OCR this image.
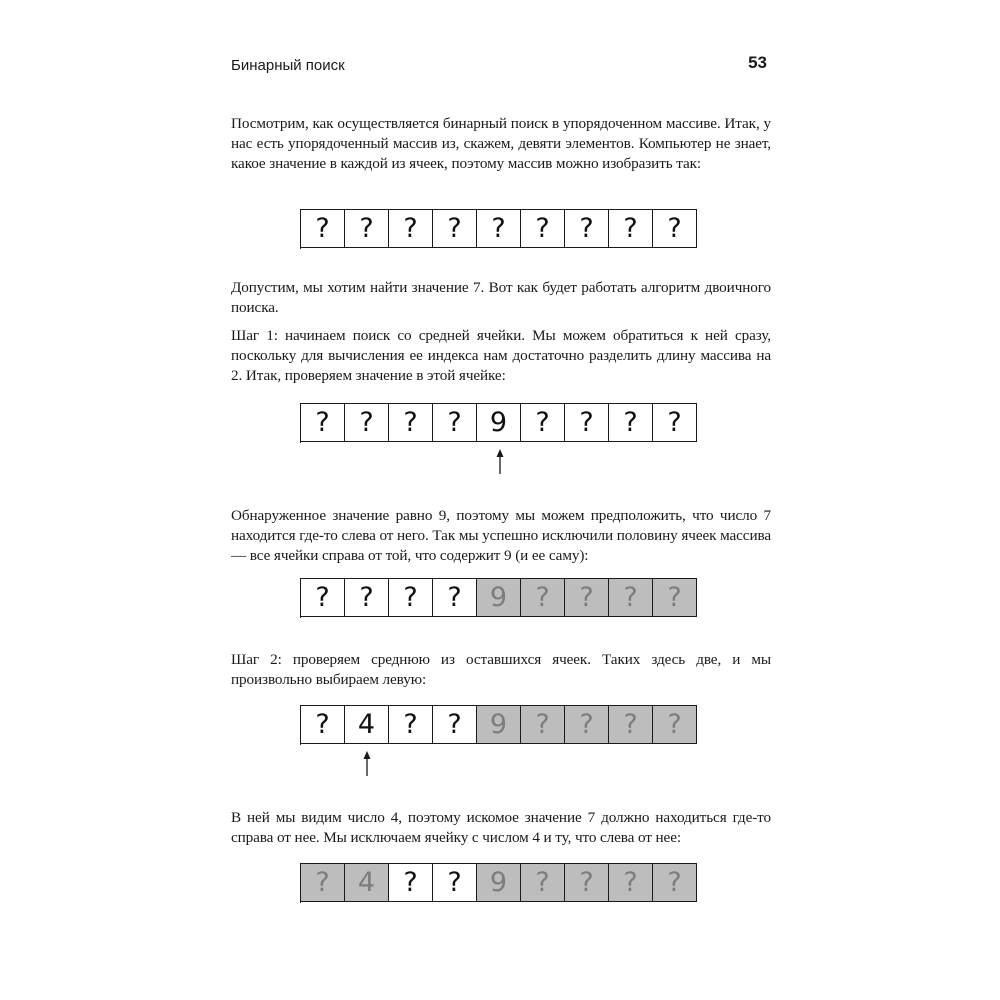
Бинарный поиск	53

Посмотрим, как осуществляется бинарный поиск в упорядоченном массиве. Итак, у нас есть упорядоченный массив из, скажем, девяти элементов. Компьютер не знает, какое значение в каждой из ячеек, поэтому массив можно изобразить так:

?	?	?	?	?	?	?	?	?

Допустим, мы хотим найти значение 7. Вот как будет работать алгоритм двоичного поиска.

Шаг 1: начинаем поиск со средней ячейки. Мы можем обратиться к ней сразу, поскольку для вычисления ее индекса нам достаточно разделить длину массива на 2. Итак, проверяем значение в этой ячейке:

?	?	?	?	9	?	?	?	?

Обнаруженное значение равно 9, поэтому мы можем предположить, что число 7 находится где-то слева от него. Так мы успешно исключили половину ячеек массива — все ячейки справа от той, что содержит 9 (и ее саму):

?	?	?	?	9	?	?	?	?

Шаг 2: проверяем среднюю из оставшихся ячеек. Таких здесь две, и мы произвольно выбираем левую:

?	4	?	?	9	?	?	?	?

В ней мы видим число 4, поэтому искомое значение 7 должно находиться где-то справа от нее. Мы исключаем ячейку с числом 4 и ту, что слева от нее:

?	4	?	?	9	?	?	?	?
